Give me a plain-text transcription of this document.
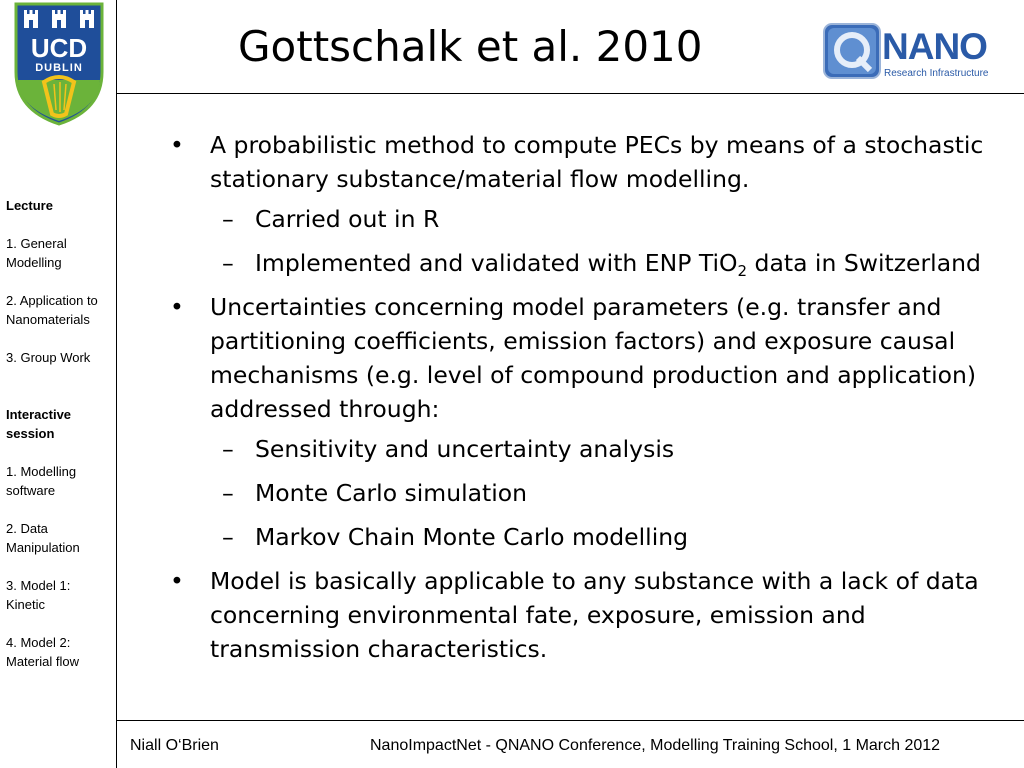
UCD
DUBLIN
Lecture
1. General
Modelling
2. Application to
Nanomaterials
3. Group Work
Interactive
session
1. Modelling
software
2. Data
Manipulation
3. Model 1:
Kinetic
4. Model 2:
Material flow
Gottschalk et al. 2010	NANO
Research Infrastructure
•	A probabilistic method to compute PECs by means of a stochastic
stationary substance/material flow modelling.
– Carried out in R
– Implemented and validated with ENP TiO$_2$ data in Switzerland
•	Uncertainties concerning model parameters (e.g. transfer and
partitioning coefficients, emission factors) and exposure causal
mechanisms (e.g. level of compound production and application)
addressed through:
– Sensitivity and uncertainty analysis
– Monte Carlo simulation
– Markov Chain Monte Carlo modelling
•	Model is basically applicable to any substance with a lack of data
concerning environmental fate, exposure, emission and
transmission characteristics.
Niall O‘Brien	NanoImpactNet - QNANO Conference, Modelling Training School, 1 March 2012
